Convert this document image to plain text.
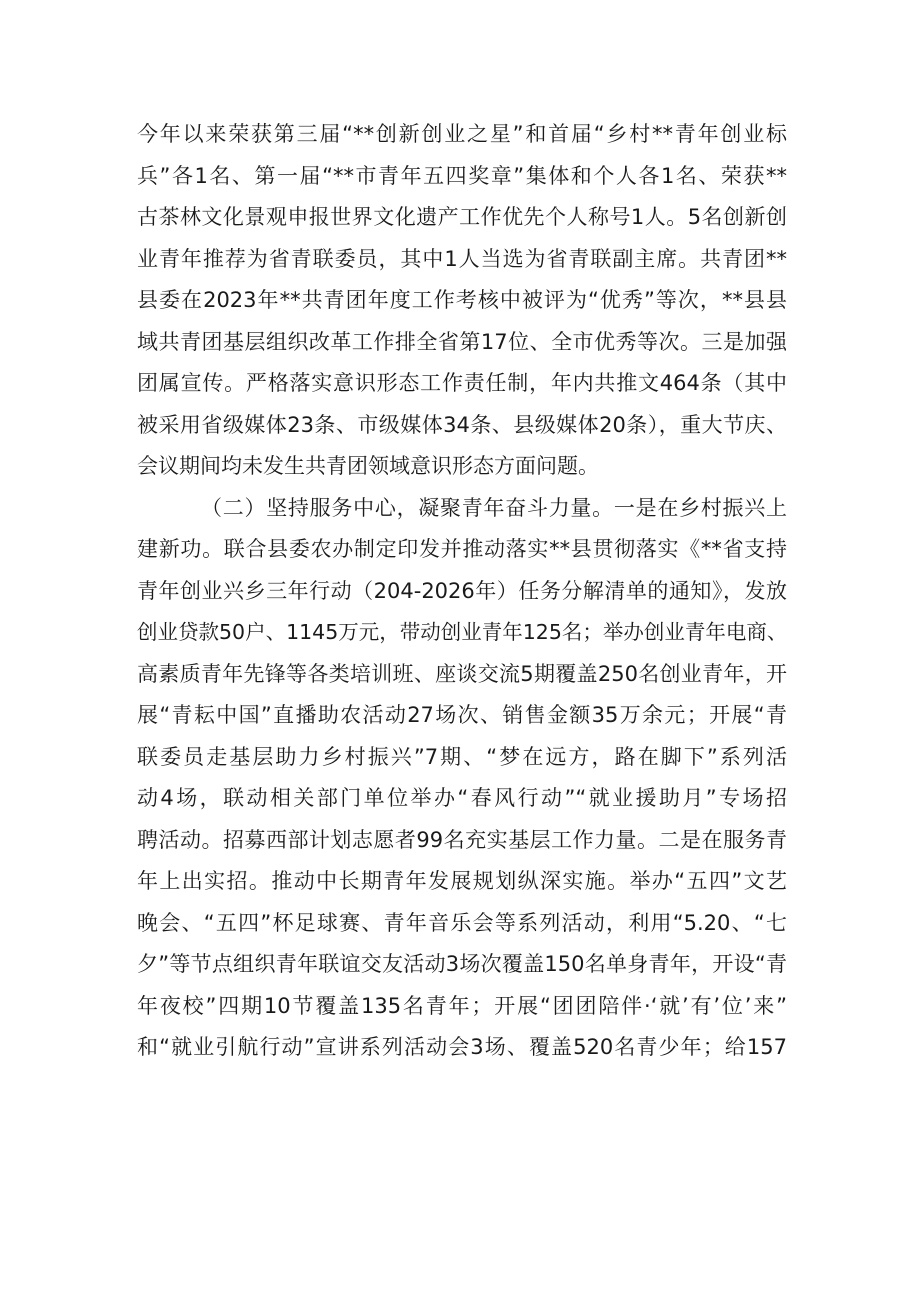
今年以来荣获第三届“**创新创业之星”和首届“乡村**青年创业标
兵”各1名、第一届“**市青年五四奖章”集体和个人各1名、荣获**
古茶林文化景观申报世界文化遗产工作优先个人称号1人。5名创新创
业青年推荐为省青联委员，其中1人当选为省青联副主席。共青团**
县委在2023年**共青团年度工作考核中被评为“优秀”等次，**县县
域共青团基层组织改革工作排全省第17位、全市优秀等次。三是加强
团属宣传。严格落实意识形态工作责任制，年内共推文464条（其中
被采用省级媒体23条、市级媒体34条、县级媒体20条），重大节庆、
会议期间均未发生共青团领域意识形态方面问题。
（二）坚持服务中心，凝聚青年奋斗力量。一是在乡村振兴上
建新功。联合县委农办制定印发并推动落实**县贯彻落实《**省支持
青年创业兴乡三年行动（204-2026年）任务分解清单的通知》，发放
创业贷款50户、1145万元，带动创业青年125名；举办创业青年电商、
高素质青年先锋等各类培训班、座谈交流5期覆盖250名创业青年，开
展“青耘中国”直播助农活动27场次、销售金额35万余元；开展“青
联委员走基层助力乡村振兴”7期、“梦在远方，路在脚下”系列活
动4场，联动相关部门单位举办“春风行动”“就业援助月”专场招
聘活动。招募西部计划志愿者99名充实基层工作力量。二是在服务青
年上出实招。推动中长期青年发展规划纵深实施。举办“五四”文艺
晚会、“五四”杯足球赛、青年音乐会等系列活动，利用“5.20、“七
夕”等节点组织青年联谊交友活动3场次覆盖150名单身青年，开设“青
年夜校”四期10节覆盖135名青年；开展“团团陪伴·‘就’有’位’来”
和“就业引航行动”宣讲系列活动会3场、覆盖520名青少年；给157
